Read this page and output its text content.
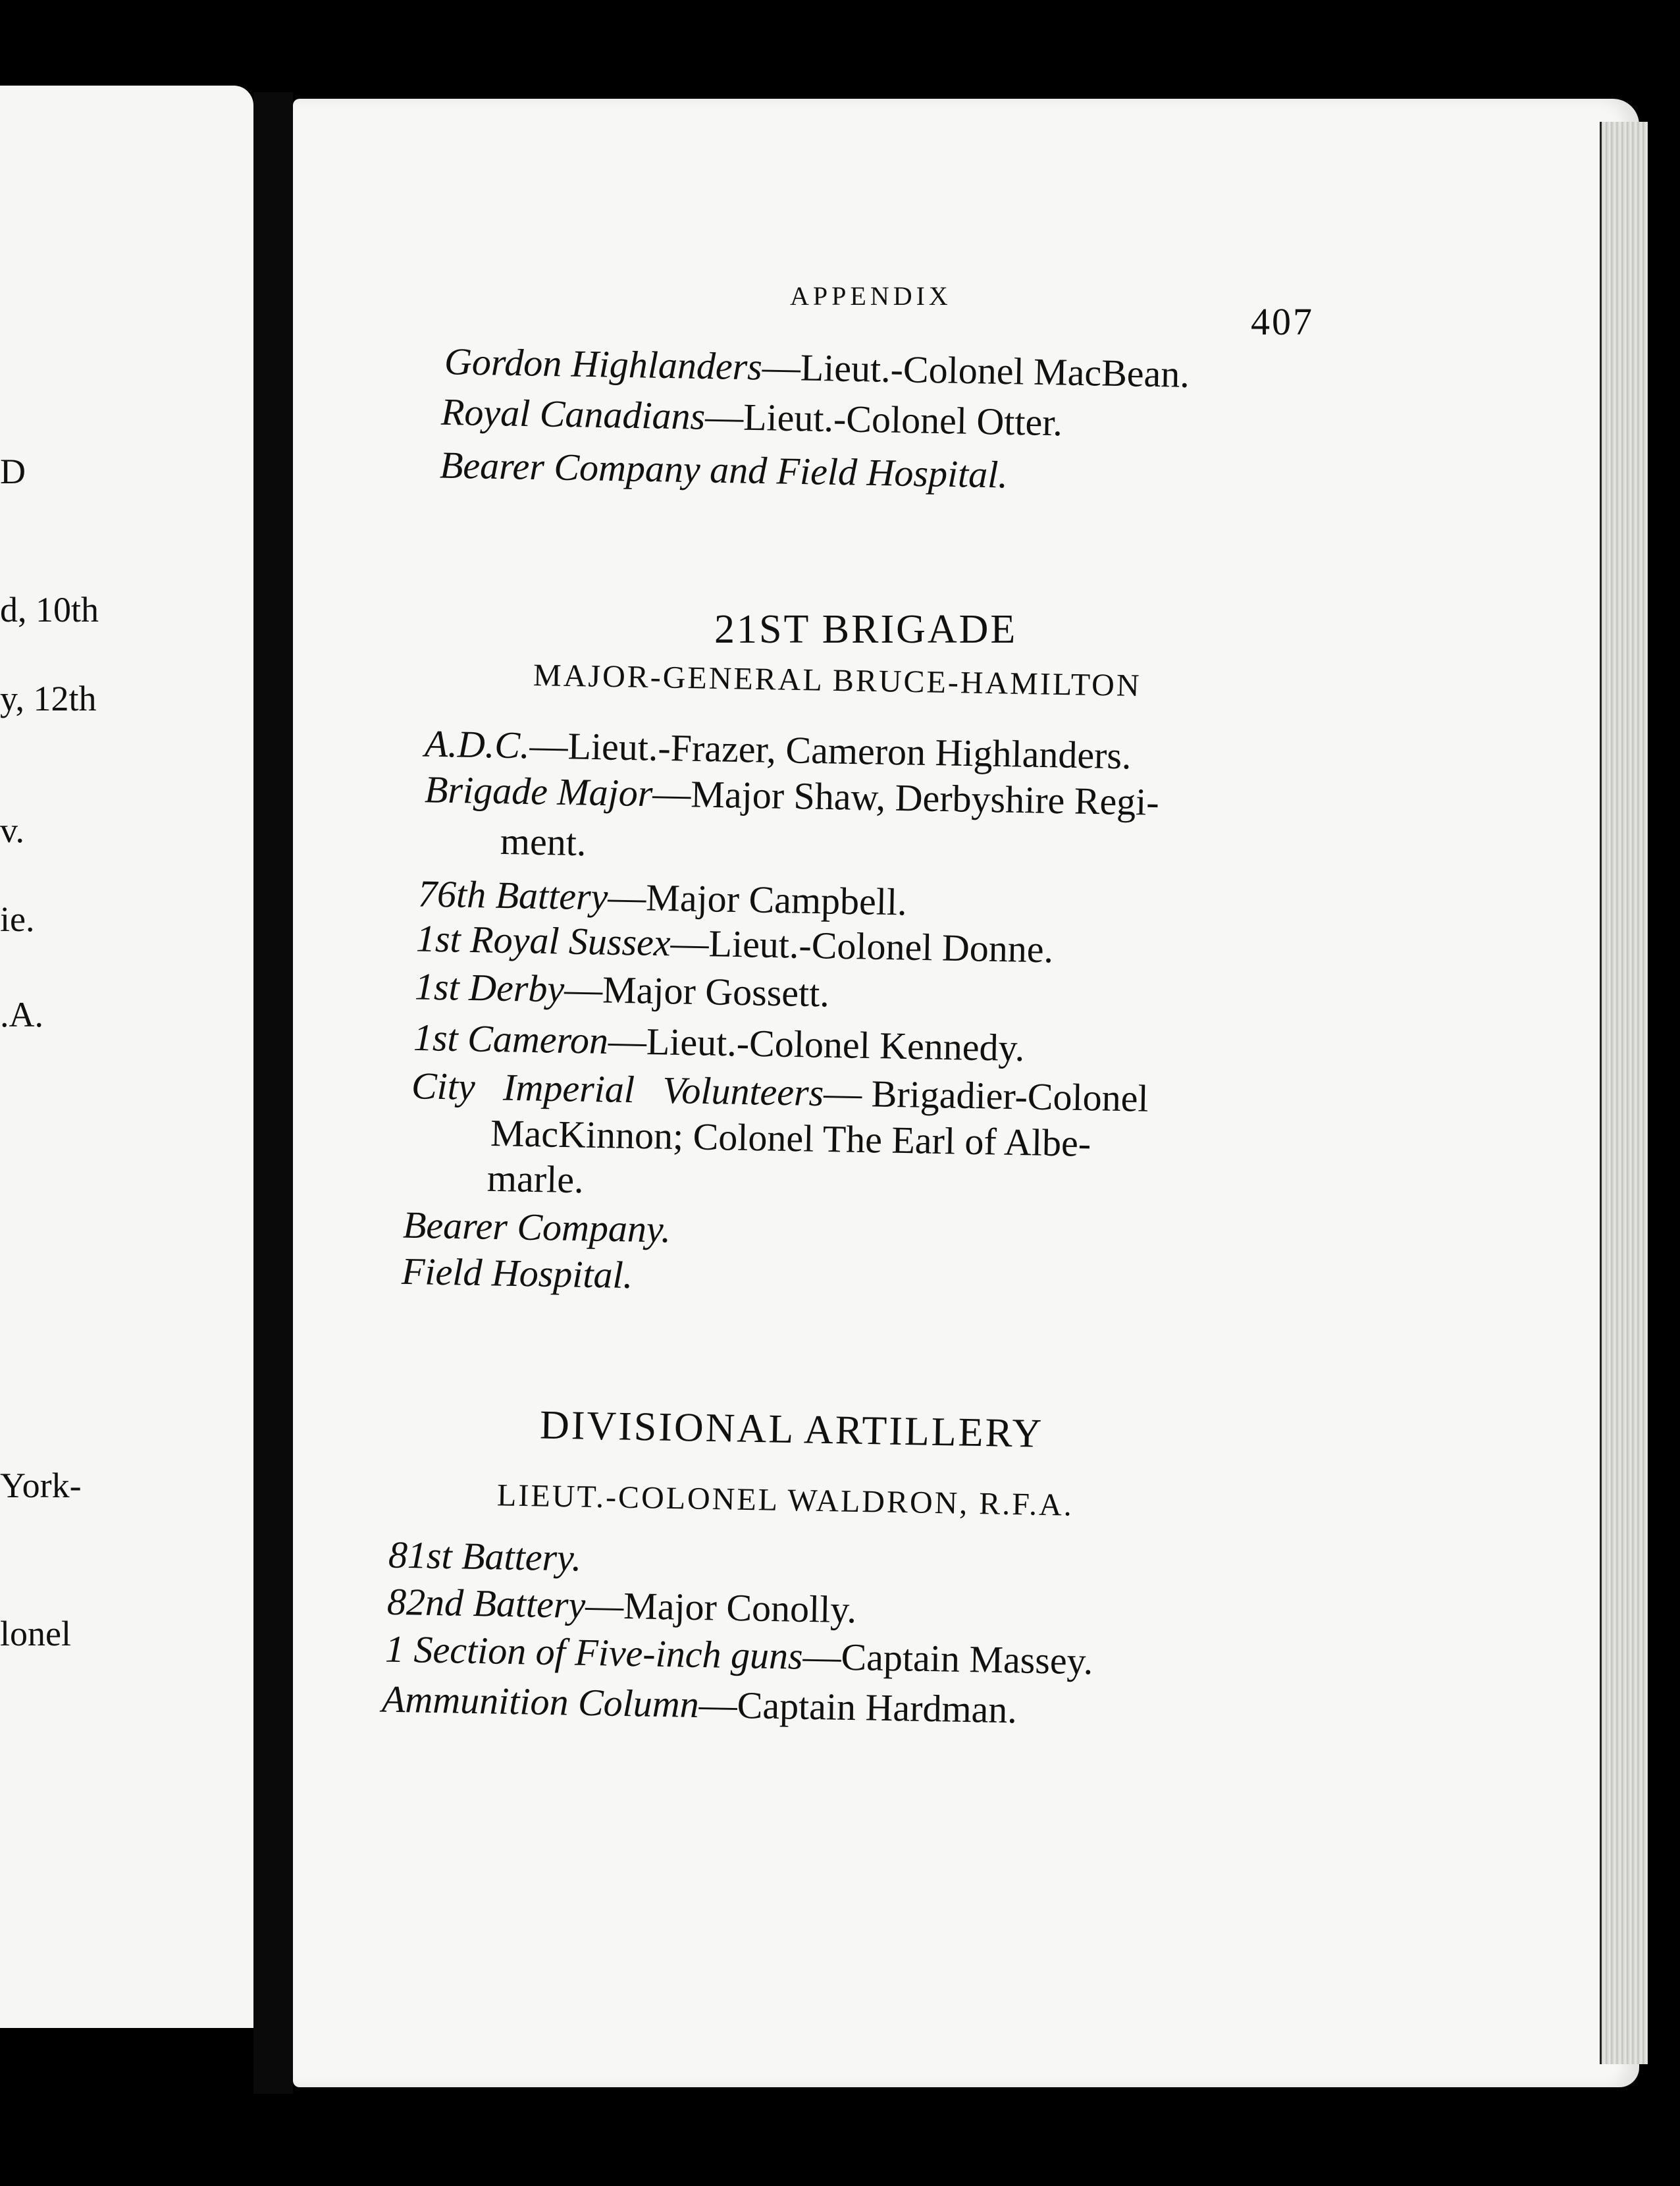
D
d, 10th
y, 12th
v.
ie.
.A.
York-
lonel
APPENDIX
407
Gordon Highlanders—Lieut.-Colonel MacBean.
Royal Canadians—Lieut.-Colonel Otter.
Bearer Company and Field Hospital.
21ST BRIGADE
MAJOR-GENERAL BRUCE-HAMILTON
A.D.C.—Lieut.-Frazer, Cameron Highlanders.
Brigade Major—Major Shaw, Derbyshire Regi-
ment.
76th Battery—Major Campbell.
1st Royal Sussex—Lieut.-Colonel Donne.
1st Derby—Major Gossett.
1st Cameron—Lieut.-Colonel Kennedy.
City Imperial Volunteers— Brigadier-Colonel
MacKinnon; Colonel The Earl of Albe-
marle.
Bearer Company.
Field Hospital.
DIVISIONAL ARTILLERY
LIEUT.-COLONEL WALDRON, R.F.A.
81st Battery.
82nd Battery—Major Conolly.
1 Section of Five-inch guns—Captain Massey.
Ammunition Column—Captain Hardman.
